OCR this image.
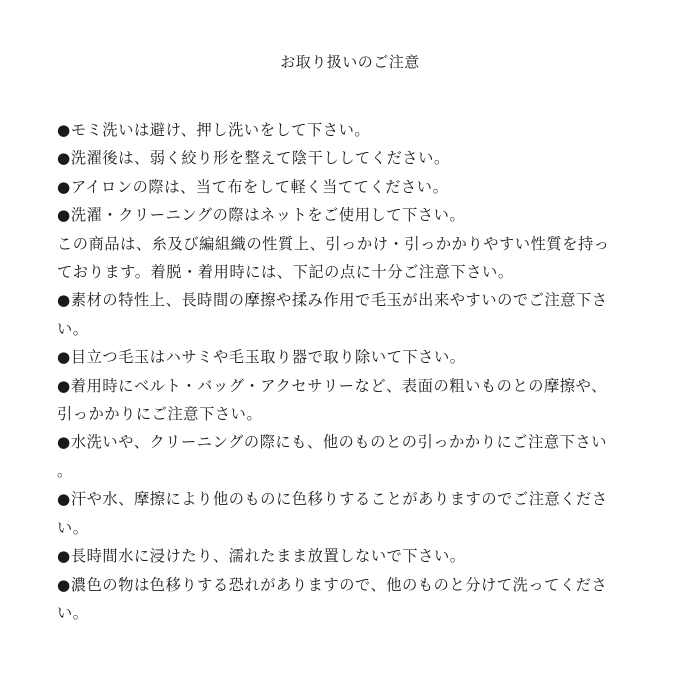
お取り扱いのご注意
●モミ洗いは避け、押し洗いをして下さい。
●洗濯後は、弱く絞り形を整えて陰干ししてください。
●アイロンの際は、当て布をして軽く当ててください。
●洗濯・クリーニングの際はネットをご使用して下さい。
この商品は、糸及び編組織の性質上、引っかけ・引っかかりやすい性質を持っ
ております。着脱・着用時には、下記の点に十分ご注意下さい。
●素材の特性上、長時間の摩擦や揉み作用で毛玉が出来やすいのでご注意下さ
い。
●目立つ毛玉はハサミや毛玉取り器で取り除いて下さい。
●着用時にベルト・バッグ・アクセサリーなど、表面の粗いものとの摩擦や、
引っかかりにご注意下さい。
●水洗いや、クリーニングの際にも、他のものとの引っかかりにご注意下さい
。
●汗や水、摩擦により他のものに色移りすることがありますのでご注意くださ
い。
●長時間水に浸けたり、濡れたまま放置しないで下さい。
●濃色の物は色移りする恐れがありますので、他のものと分けて洗ってくださ
い。
